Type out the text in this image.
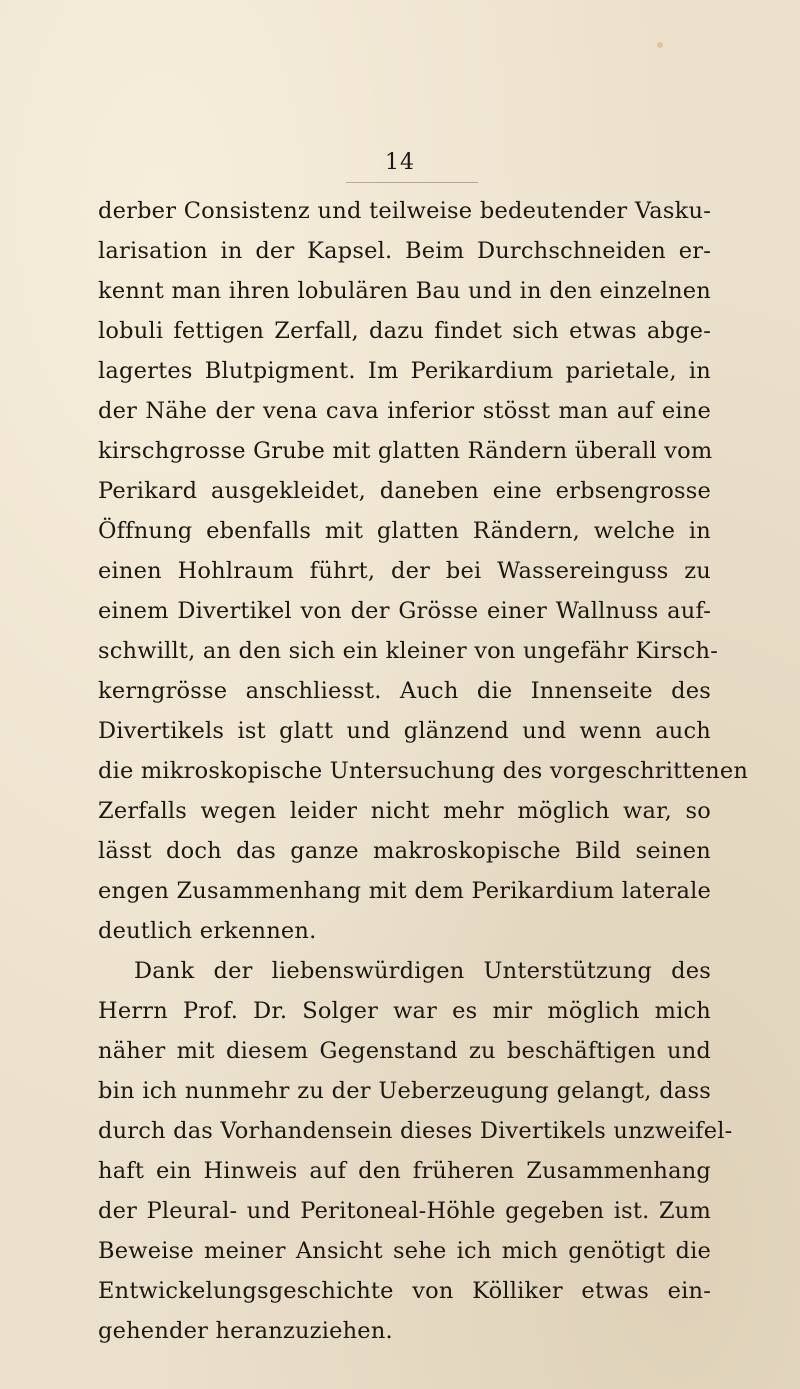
14
derber Consistenz und teilweise bedeutender Vasku-
larisation in der Kapsel. Beim Durchschneiden er-
kennt man ihren lobulären Bau und in den einzelnen
lobuli fettigen Zerfall, dazu findet sich etwas abge-
lagertes Blutpigment. Im Perikardium parietale, in
der Nähe der vena cava inferior stösst man auf eine
kirschgrosse Grube mit glatten Rändern überall vom
Perikard ausgekleidet, daneben eine erbsengrosse
Öffnung ebenfalls mit glatten Rändern, welche in
einen Hohlraum führt, der bei Wassereinguss zu
einem Divertikel von der Grösse einer Wallnuss auf-
schwillt, an den sich ein kleiner von ungefähr Kirsch-
kerngrösse anschliesst. Auch die Innenseite des
Divertikels ist glatt und glänzend und wenn auch
die mikroskopische Untersuchung des vorgeschrittenen
Zerfalls wegen leider nicht mehr möglich war, so
lässt doch das ganze makroskopische Bild seinen
engen Zusammenhang mit dem Perikardium laterale
deutlich erkennen.
Dank der liebenswürdigen Unterstützung des
Herrn Prof. Dr. Solger war es mir möglich mich
näher mit diesem Gegenstand zu beschäftigen und
bin ich nunmehr zu der Ueberzeugung gelangt, dass
durch das Vorhandensein dieses Divertikels unzweifel-
haft ein Hinweis auf den früheren Zusammenhang
der Pleural- und Peritoneal-Höhle gegeben ist. Zum
Beweise meiner Ansicht sehe ich mich genötigt die
Entwickelungsgeschichte von Kölliker etwas ein-
gehender heranzuziehen.
